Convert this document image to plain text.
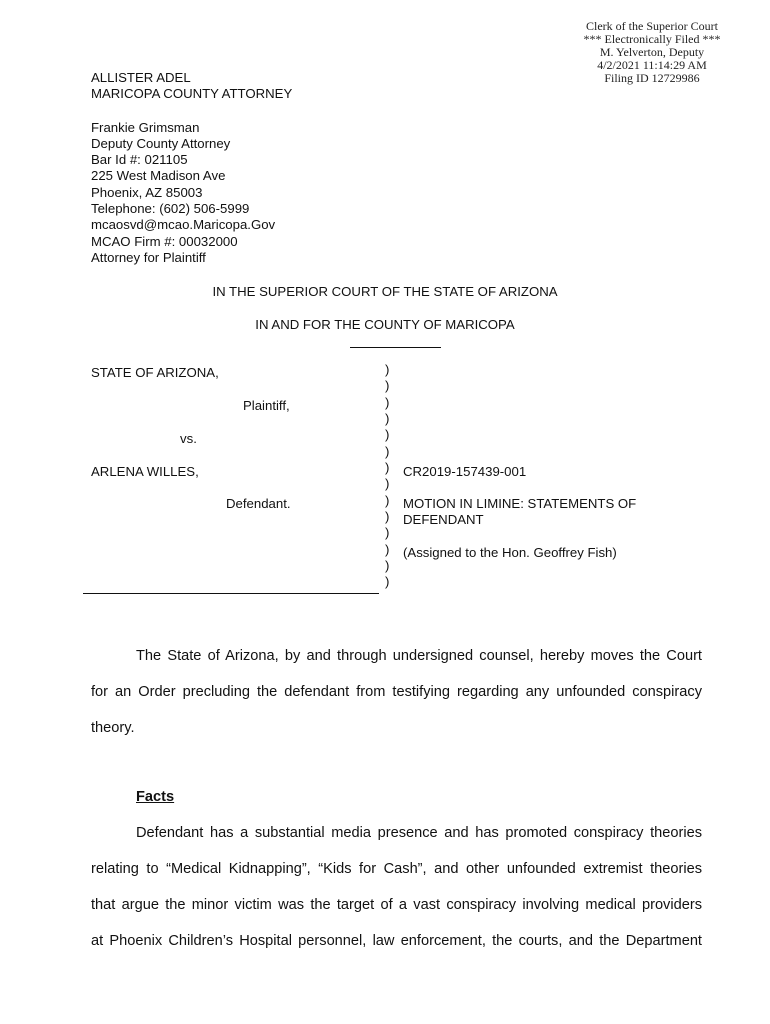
Clerk of the Superior Court
*** Electronically Filed ***
M. Yelverton, Deputy
4/2/2021 11:14:29 AM
Filing ID 12729986
ALLISTER ADEL
MARICOPA COUNTY ATTORNEY
Frankie Grimsman
Deputy County Attorney
Bar Id #: 021105
225 West Madison Ave
Phoenix, AZ 85003
Telephone: (602) 506-5999
mcaosvd@mcao.Maricopa.Gov
MCAO Firm #: 00032000
Attorney for Plaintiff
IN THE SUPERIOR COURT OF THE STATE OF ARIZONA
IN AND FOR THE COUNTY OF MARICOPA
STATE OF ARIZONA,
Plaintiff,
vs.
ARLENA WILLES,
Defendant.
)
)
)
)
)
)
)
)
)
)
)
)
)
)
CR2019-157439-001
MOTION IN LIMINE: STATEMENTS OF
DEFENDANT
(Assigned to the Hon. Geoffrey Fish)
The State of Arizona, by and through undersigned counsel, hereby moves the Court
for an Order precluding the defendant from testifying regarding any unfounded conspiracy
theory.
Facts
Defendant has a substantial media presence and has promoted conspiracy theories
relating to “Medical Kidnapping”, “Kids for Cash”, and other unfounded extremist theories
that argue the minor victim was the target of a vast conspiracy involving medical providers
at Phoenix Children’s Hospital personnel, law enforcement, the courts, and the Department
